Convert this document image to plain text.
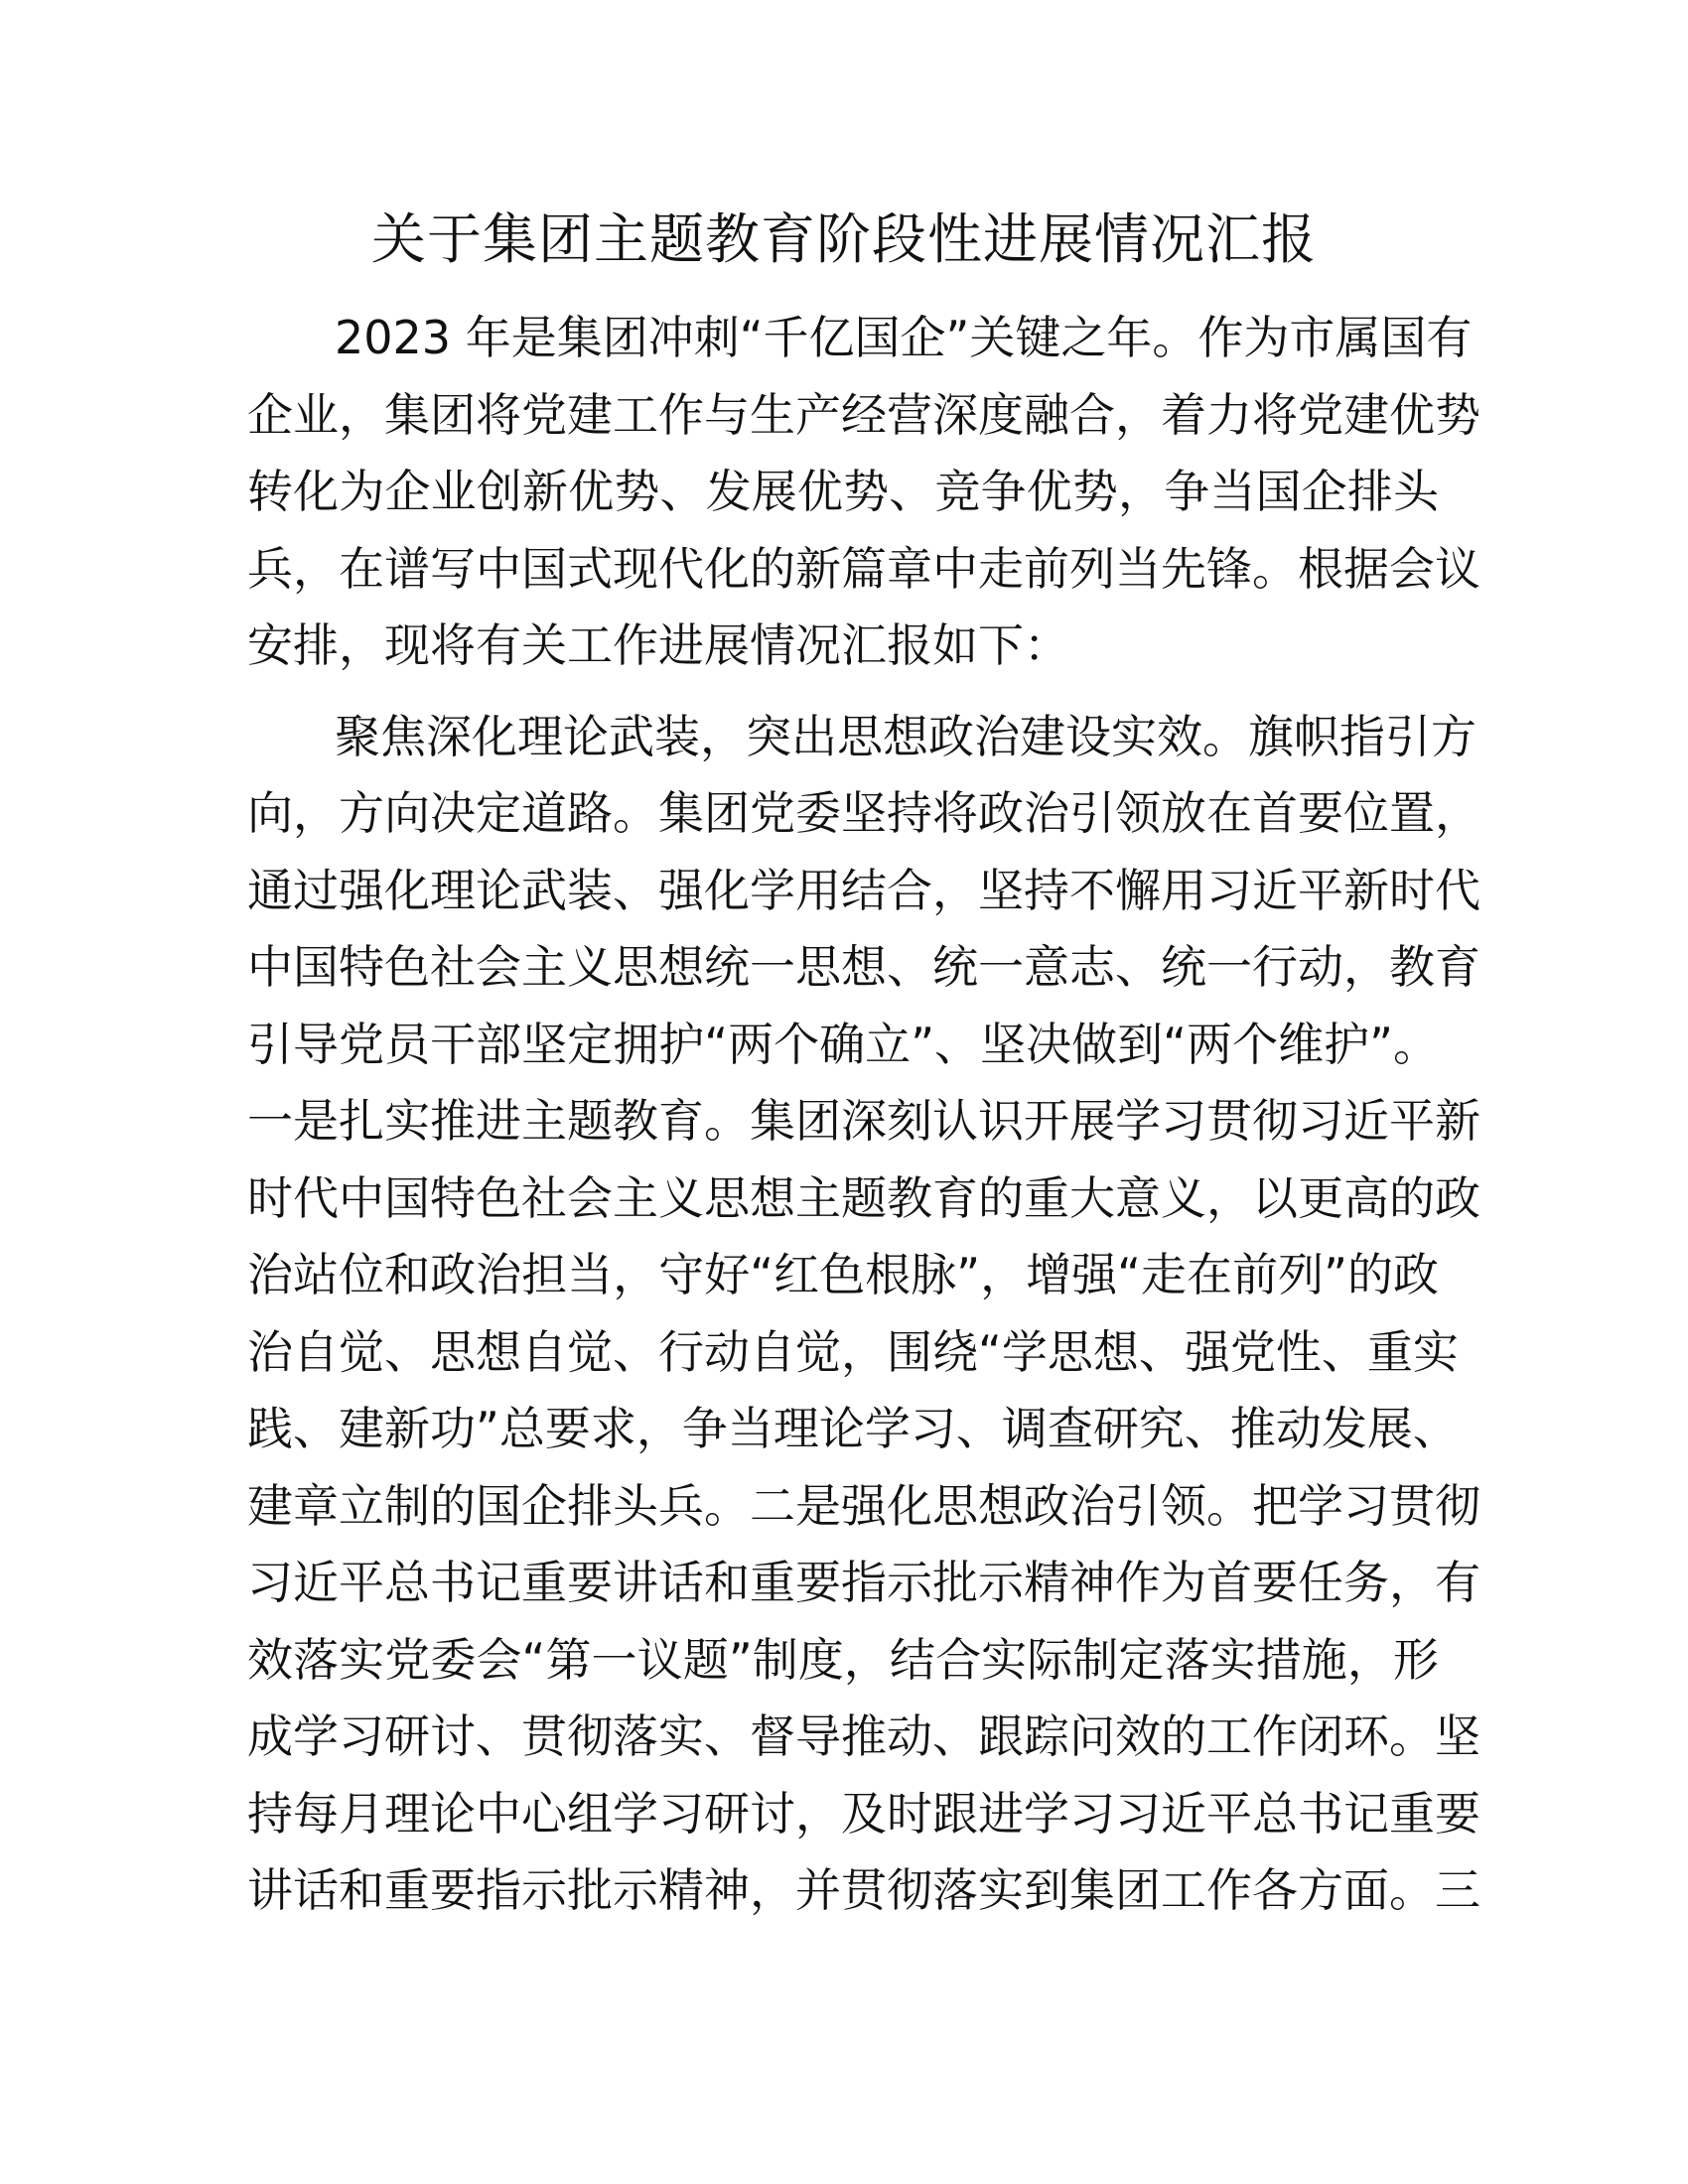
关于集团主题教育阶段性进展情况汇报
2023 年是集团冲刺“千亿国企”关键之年。作为市属国有
企业，集团将党建工作与生产经营深度融合，着力将党建优势
转化为企业创新优势、发展优势、竞争优势，争当国企排头
兵，在谱写中国式现代化的新篇章中走前列当先锋。根据会议
安排，现将有关工作进展情况汇报如下：
聚焦深化理论武装，突出思想政治建设实效。旗帜指引方
向，方向决定道路。集团党委坚持将政治引领放在首要位置，
通过强化理论武装、强化学用结合，坚持不懈用习近平新时代
中国特色社会主义思想统一思想、统一意志、统一行动，教育
引导党员干部坚定拥护“两个确立”、坚决做到“两个维护”。
一是扎实推进主题教育。集团深刻认识开展学习贯彻习近平新
时代中国特色社会主义思想主题教育的重大意义，以更高的政
治站位和政治担当，守好“红色根脉”，增强“走在前列”的政
治自觉、思想自觉、行动自觉，围绕“学思想、强党性、重实
践、建新功”总要求，争当理论学习、调查研究、推动发展、
建章立制的国企排头兵。二是强化思想政治引领。把学习贯彻
习近平总书记重要讲话和重要指示批示精神作为首要任务，有
效落实党委会“第一议题”制度，结合实际制定落实措施，形
成学习研讨、贯彻落实、督导推动、跟踪问效的工作闭环。坚
持每月理论中心组学习研讨，及时跟进学习习近平总书记重要
讲话和重要指示批示精神，并贯彻落实到集团工作各方面。三
